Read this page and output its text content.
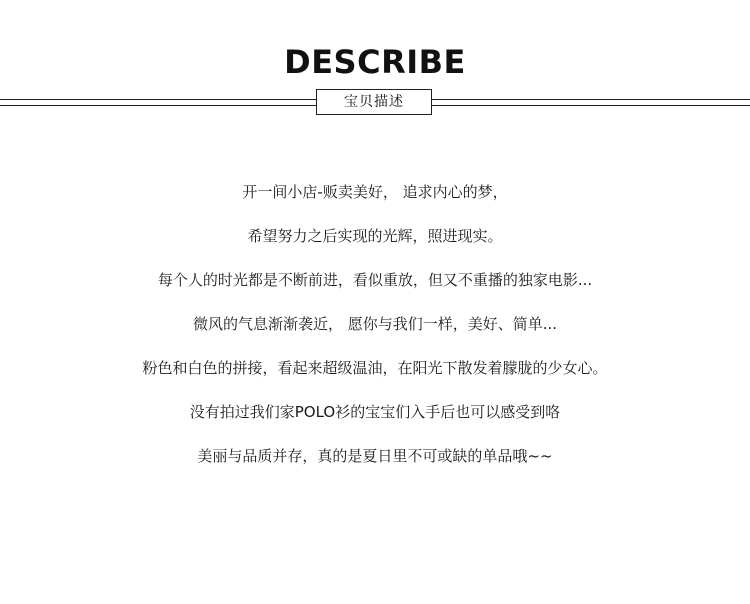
DESCRIBE
宝贝描述
开一间小店-贩卖美好， 追求内心的梦，
希望努力之后实现的光辉，照进现实。
每个人的时光都是不断前进，看似重放，但又不重播的独家电影...
微风的气息渐渐袭近， 愿你与我们一样，美好、简单...
粉色和白色的拼接，看起来超级温油，在阳光下散发着朦胧的少女心。
没有拍过我们家POLO衫的宝宝们入手后也可以感受到咯
美丽与品质并存，真的是夏日里不可或缺的单品哦~~
